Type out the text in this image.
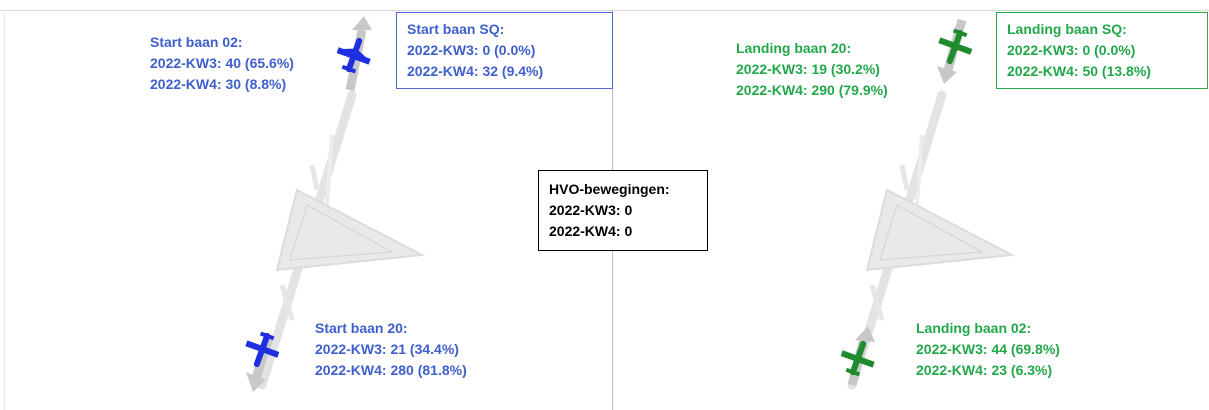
Start baan 02:
2022-KW3: 40 (65.6%)
2022-KW4: 30 (8.8%)
Start baan SQ:
2022-KW3: 0 (0.0%)
2022-KW4: 32 (9.4%)
Start baan 20:
2022-KW3: 21 (34.4%)
2022-KW4: 280 (81.8%)
HVO-bewegingen:
2022-KW3: 0
2022-KW4: 0
Landing baan 20:
2022-KW3: 19 (30.2%)
2022-KW4: 290 (79.9%)
Landing baan SQ:
2022-KW3: 0 (0.0%)
2022-KW4: 50 (13.8%)
Landing baan 02:
2022-KW3: 44 (69.8%)
2022-KW4: 23 (6.3%)
